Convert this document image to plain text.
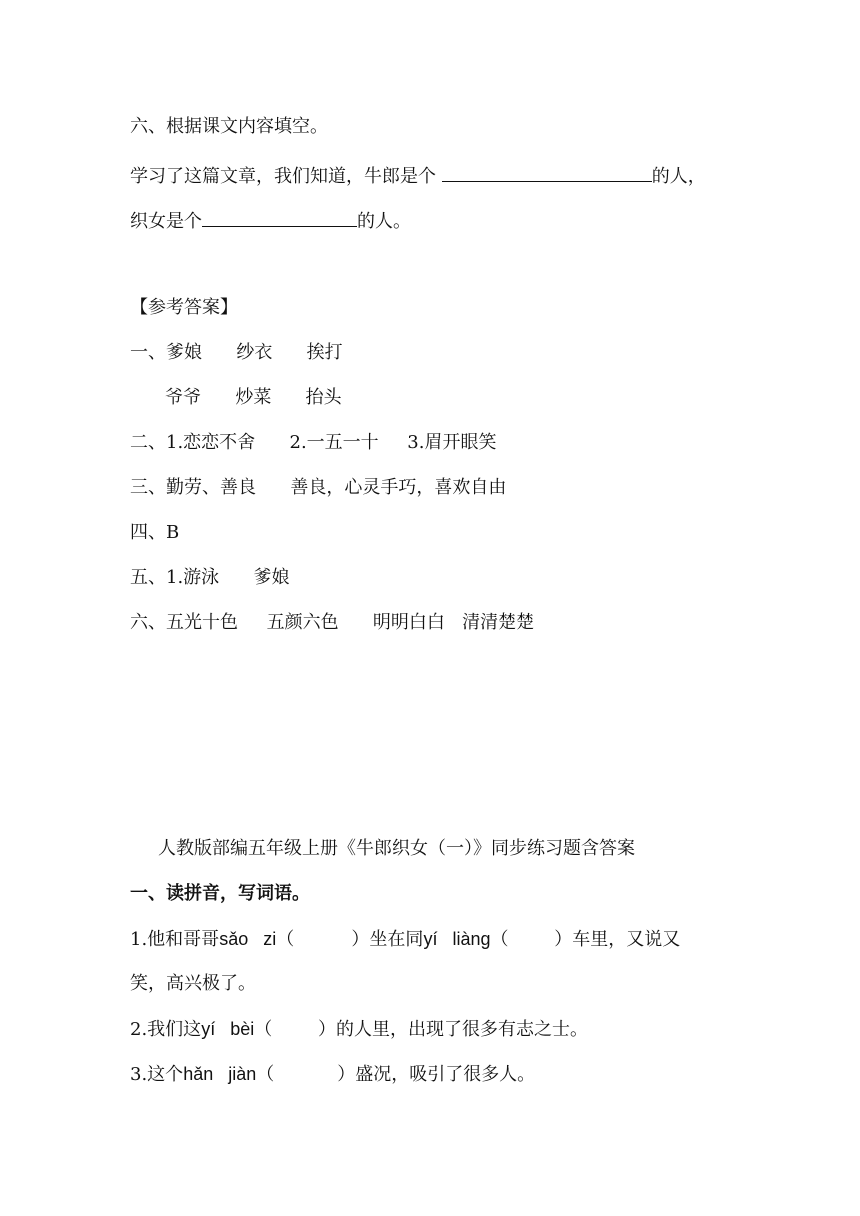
六、根据课文内容填空。
学习了这篇文章，我们知道，牛郎是个	的人，
织女是个	的人。
【参考答案】
一、爹娘      纱衣      挨打
爷爷      炒菜      抬头
二、1.恋恋不舍      2.一五一十     3.眉开眼笑
三、勤劳、善良      善良，心灵手巧，喜欢自由
四、B
五、1.游泳      爹娘
六、五光十色     五颜六色      明明白白   清清楚楚
人教版部编五年级上册《牛郎织女（一）》同步练习题含答案
一、读拼音，写词语。
1.他和哥哥sǎo   zi（          ）坐在同yí   liàng（        ）车里，又说又
笑，高兴极了。
2.我们这yí   bèi（        ）的人里，出现了很多有志之士。
3.这个hǎn   jiàn（           ）盛况，吸引了很多人。
